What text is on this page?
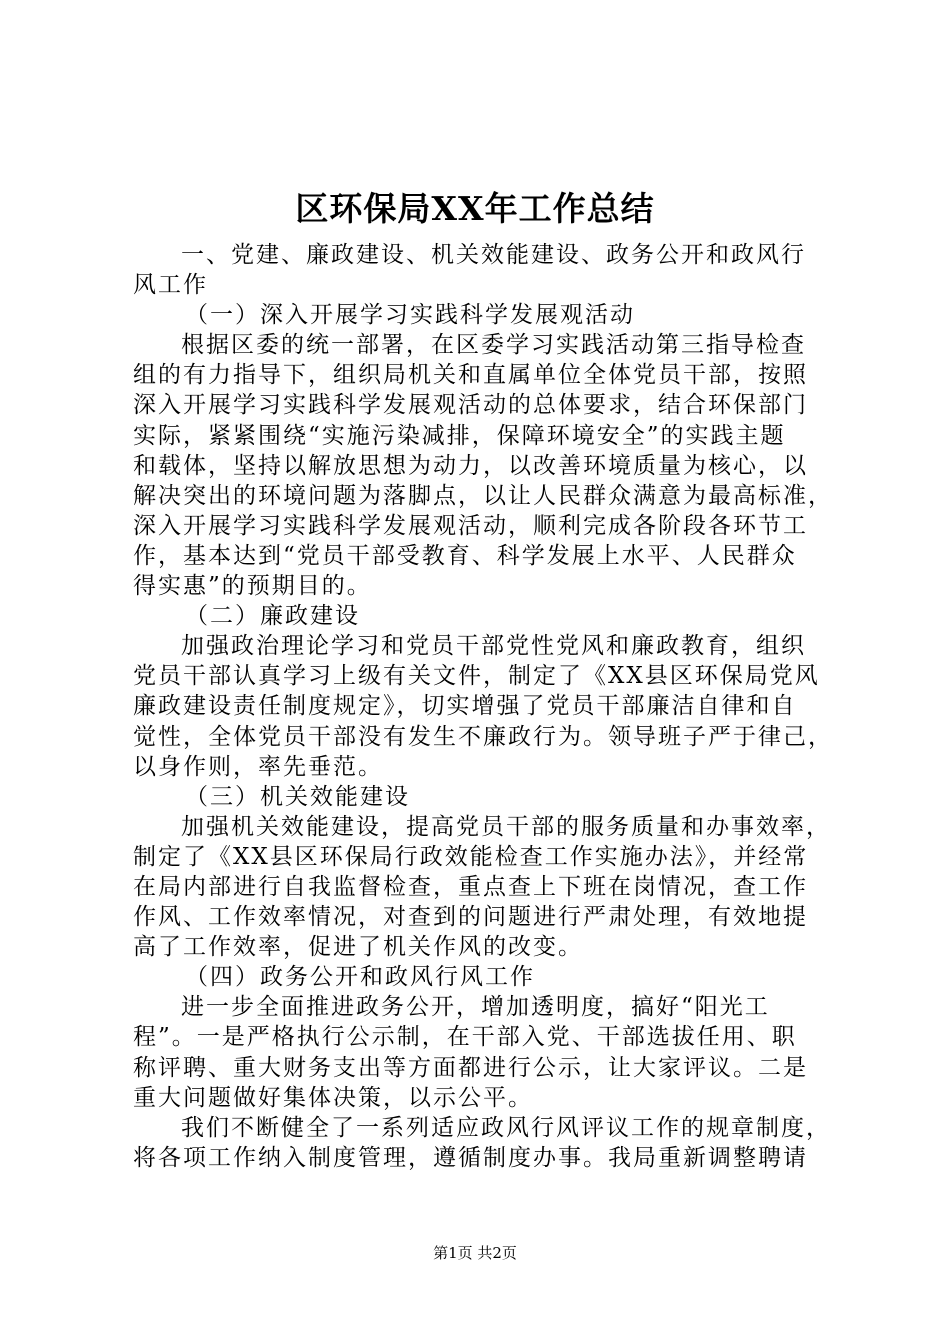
区环保局XX年工作总结
一、党建、廉政建设、机关效能建设、政务公开和政风行
风工作
（一）深入开展学习实践科学发展观活动
根据区委的统一部署，在区委学习实践活动第三指导检查
组的有力指导下，组织局机关和直属单位全体党员干部，按照
深入开展学习实践科学发展观活动的总体要求，结合环保部门
实际，紧紧围绕“实施污染减排，保障环境安全”的实践主题
和载体，坚持以解放思想为动力，以改善环境质量为核心，以
解决突出的环境问题为落脚点，以让人民群众满意为最高标准，
深入开展学习实践科学发展观活动，顺利完成各阶段各环节工
作，基本达到“党员干部受教育、科学发展上水平、人民群众
得实惠”的预期目的。
（二）廉政建设
加强政治理论学习和党员干部党性党风和廉政教育，组织
党员干部认真学习上级有关文件，制定了《XX县区环保局党风
廉政建设责任制度规定》，切实增强了党员干部廉洁自律和自
觉性，全体党员干部没有发生不廉政行为。领导班子严于律己，
以身作则，率先垂范。
（三）机关效能建设
加强机关效能建设，提高党员干部的服务质量和办事效率，
制定了《XX县区环保局行政效能检查工作实施办法》，并经常
在局内部进行自我监督检查，重点查上下班在岗情况，查工作
作风、工作效率情况，对查到的问题进行严肃处理，有效地提
高了工作效率，促进了机关作风的改变。
（四）政务公开和政风行风工作
进一步全面推进政务公开，增加透明度，搞好“阳光工
程”。一是严格执行公示制，在干部入党、干部选拔任用、职
称评聘、重大财务支出等方面都进行公示，让大家评议。二是
重大问题做好集体决策，以示公平。
我们不断健全了一系列适应政风行风评议工作的规章制度，
将各项工作纳入制度管理，遵循制度办事。我局重新调整聘请
第1页 共2页
